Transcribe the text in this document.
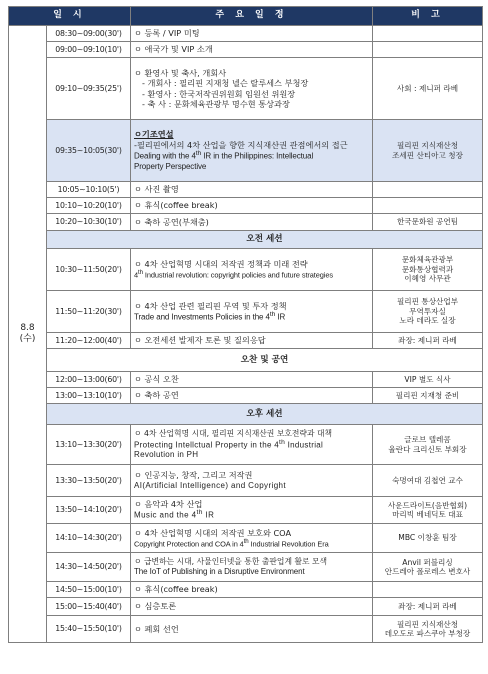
일 시		주 요 일 정	비 고

8.8
(수)	08:30~09:00(30')	ㅇ 등록 / VIP 미팅	
	09:00~09:10(10')	ㅇ 애국가 및 VIP 소개	
	09:10~09:35(25')	ㅇ 환영사 및 축사, 개회사
- 개회사 : 필리핀 지재청 넬슨 랄루세스 부청장
- 환영사 : 한국저작권위원회 임원선 위원장
- 축 사 : 문화체육관광부 명수현 통상과장	사회 : 제니퍼 라베
	09:35~10:05(30')	ㅇ기조연설
-필리핀에서의 4차 산업을 향한 지식재산권 관점에서의 접근
Dealing with the 4th IR in the Philippines: Intellectual
Property Perspective	필리핀 지식재산청
조세핀 산티아고 청장

	10:05~10:10(5')	ㅇ 사진 촬영	
	10:10~10:20(10')	ㅇ 휴식(coffee break)	
	10:20~10:30(10')	ㅇ 축하 공연(부채춤)	한국문화원 공연팀
	오전 세션		
	10:30~11:50(20')	ㅇ 4차 산업혁명 시대의 저작권 정책과 미래 전략
4th Industrial revolution: copyright policies and future strategies	문화체육관광부
문화통상협력과
이혜영 사무관

	11:50~11:20(30')	ㅇ 4차 산업 관련 필리핀 무역 및 투자 정책
Trade and Investments Policies in the 4th IR	필리핀 통상산업부
무역투자실
노라 데라도 실장

	11:20~12:00(40')	ㅇ 오전세션 발제자 토론 및 질의응답	좌장: 제니퍼 라베
	오찬 및 공연		
	12:00~13:00(60')	ㅇ 공식 오찬	VIP 별도 식사
	13:00~13:10(10')	ㅇ 축하 공연	필리핀 지재청 준비
	오후 세션		
	13:10~13:30(20')	ㅇ 4차 산업혁명 시대, 필리핀 지식재산권 보호전략과 대책
Protecting Intellctual Property in the 4th Industrial
Revolution in PH	글로브 텔레콤
율란다 크리신토 부회장

	13:30~13:50(20')	ㅇ 인공지능, 창작, 그리고 저작권
AI(Artificial Intelligence) and Copyright	숙명여대 김첩연 교수
	13:50~14:10(20')	ㅇ 음악과 4차 산업
Music and the 4th IR	사운드라이트(음반협회)
마리빅 베네딕토 대표

	14:10~14:30(20')	ㅇ 4차 산업혁명 시대의 저작권 보호와 COA
Copyright Protection and COA in 4th Industrial Revolution Era	MBC 이창훈 팀장
	14:30~14:50(20')	ㅇ 급변하는 시대, 사물인터넷을 통한 출판업계 활로 모색
The IoT of Publishing in a Disruptive Environment	Anvil 퍼블리싱
안드레아 폴로레스 변호사

	14:50~15:00(10')	ㅇ 휴식(coffee break)	
	15:00~15:40(40')	ㅇ 심층토론	좌장: 제니퍼 라베
	15:40~15:50(10')	ㅇ 폐회 선언	필리핀 지식재산청
데오도로 파스쿠아 부청장
